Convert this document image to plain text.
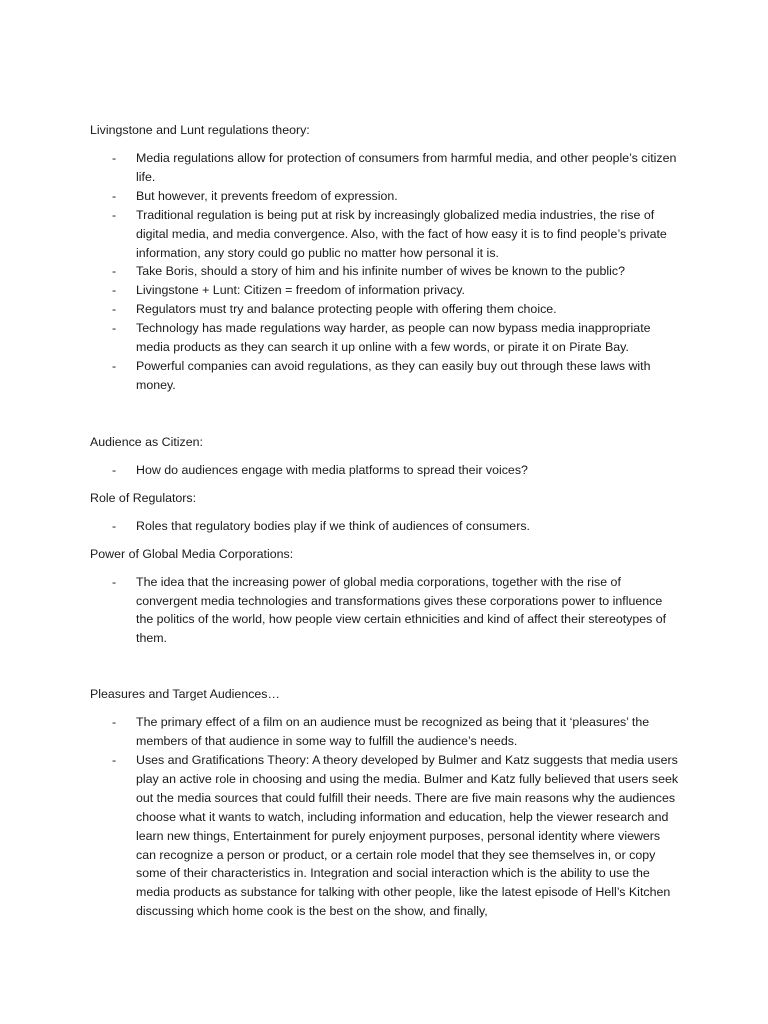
Livingstone and Lunt regulations theory:

- Media regulations allow for protection of consumers from harmful media, and other people’s citizen life.
- But however, it prevents freedom of expression.
- Traditional regulation is being put at risk by increasingly globalized media industries, the rise of digital media, and media convergence. Also, with the fact of how easy it is to find people’s private information, any story could go public no matter how personal it is.
- Take Boris, should a story of him and his infinite number of wives be known to the public?
- Livingstone + Lunt: Citizen = freedom of information privacy.
- Regulators must try and balance protecting people with offering them choice.
- Technology has made regulations way harder, as people can now bypass media inappropriate media products as they can search it up online with a few words, or pirate it on Pirate Bay.
- Powerful companies can avoid regulations, as they can easily buy out through these laws with money.

Audience as Citizen:

- How do audiences engage with media platforms to spread their voices?

Role of Regulators:

- Roles that regulatory bodies play if we think of audiences of consumers.

Power of Global Media Corporations:

- The idea that the increasing power of global media corporations, together with the rise of convergent media technologies and transformations gives these corporations power to influence the politics of the world, how people view certain ethnicities and kind of affect their stereotypes of them.

Pleasures and Target Audiences…

- The primary effect of a film on an audience must be recognized as being that it ‘pleasures’ the members of that audience in some way to fulfill the audience’s needs.
- Uses and Gratifications Theory: A theory developed by Bulmer and Katz suggests that media users play an active role in choosing and using the media. Bulmer and Katz fully believed that users seek out the media sources that could fulfill their needs. There are five main reasons why the audiences choose what it wants to watch, including information and education, help the viewer research and learn new things, Entertainment for purely enjoyment purposes, personal identity where viewers can recognize a person or product, or a certain role model that they see themselves in, or copy some of their characteristics in. Integration and social interaction which is the ability to use the media products as substance for talking with other people, like the latest episode of Hell’s Kitchen discussing which home cook is the best on the show, and finally,
